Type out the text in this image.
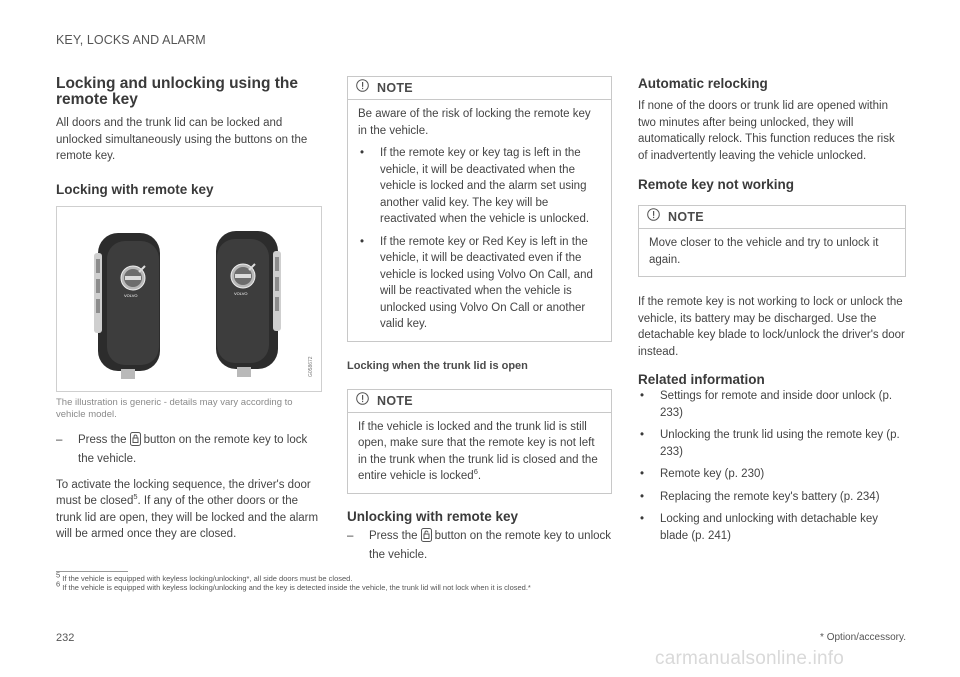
KEY, LOCKS AND ALARM
Locking and unlocking using the remote key

All doors and the trunk lid can be locked and unlocked simultaneously using the buttons on the remote key.

Locking with remote key
G058672
VOLVO	VOLVO

The illustration is generic - details may vary according to vehicle model.

–	Press the button on the remote key to lock the vehicle.

To activate the locking sequence, the driver's door must be closed$^5$. If any of the other doors or the trunk lid are open, they will be locked and the alarm will be armed once they are closed.

NOTE

Be aware of the risk of locking the remote key in the vehicle.

•	If the remote key or key tag is left in the vehicle, it will be deactivated when the vehicle is locked and the alarm set using another valid key. The key will be reactivated when the vehicle is unlocked.

•	If the remote key or Red Key is left in the vehicle, it will be deactivated even if the vehicle is locked using Volvo On Call, and will be reactivated when the vehicle is unlocked using Volvo On Call or another valid key.

Locking when the trunk lid is open
NOTE

If the vehicle is locked and the trunk lid is still open, make sure that the remote key is not left in the trunk when the trunk lid is closed and the entire vehicle is locked$^6$.

Unlocking with remote key
–	Press the button on the remote key to unlock the vehicle.

Automatic relocking

If none of the doors or trunk lid are opened within two minutes after being unlocked, they will automatically relock. This function reduces the risk of inadvertently leaving the vehicle unlocked.

Remote key not working
NOTE

Move closer to the vehicle and try to unlock it again.

If the remote key is not working to lock or unlock the vehicle, its battery may be discharged. Use the detachable key blade to lock/unlock the driver's door instead.

Related information
•	Settings for remote and inside door unlock (p. 233)

•	Unlocking the trunk lid using the remote key (p. 233)

•	Remote key (p. 230)

•	Replacing the remote key's battery (p. 234)

•	Locking and unlocking with detachable key blade (p. 241)

$^5$ If the vehicle is equipped with keyless locking/unlocking*, all side doors must be closed.
$^6$ If the vehicle is equipped with keyless locking/unlocking and the key is detected inside the vehicle, the trunk lid will not lock when it is closed.*
232	* Option/accessory.
carmanualsonline.info
